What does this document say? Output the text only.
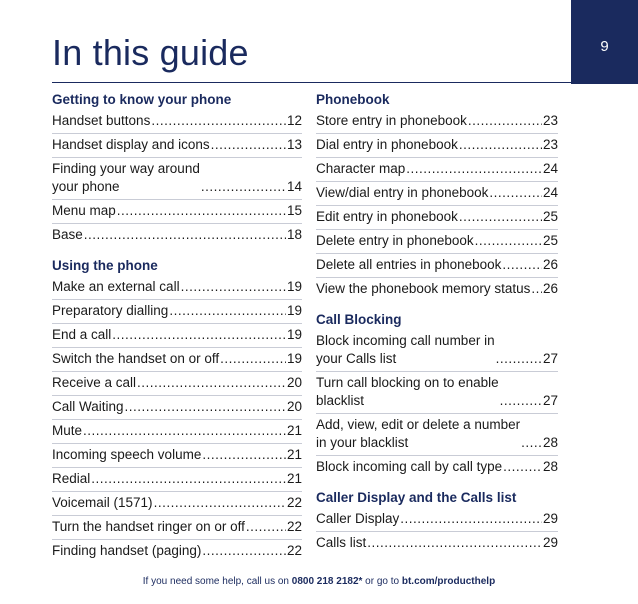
9
In this guide
Getting to know your phone
Handset buttons .....	12
Handset display and icons .....	13
Finding your way around
your phone .....	14
Menu map .....	15
Base .....	18
Using the phone
Make an external call .....	19
Preparatory dialling .....	19
End a call .....	19
Switch the handset on or off .....	19
Receive a call .....	20
Call Waiting .....	20
Mute .....	21
Incoming speech volume .....	21
Redial .....	21
Voicemail (1571) .....	22
Turn the handset ringer on or off .....	22
Finding handset (paging) .....	22
Phonebook
Store entry in phonebook .....	23
Dial entry in phonebook .....	23
Character map .....	24
View/dial entry in phonebook .....	24
Edit entry in phonebook .....	25
Delete entry in phonebook .....	25
Delete all entries in phonebook .....	26
View the phonebook memory status ..... 26
Call Blocking
Block incoming call number in
your Calls list .....	27
Turn call blocking on to enable
blacklist .....	27
Add, view, edit or delete a number
in your blacklist .....	28
Block incoming call by call type .....	28
Caller Display and the Calls list
Caller Display .....	29
Calls list .....	29
If you need some help, call us on 0800 218 2182* or go to bt.com/producthelp
